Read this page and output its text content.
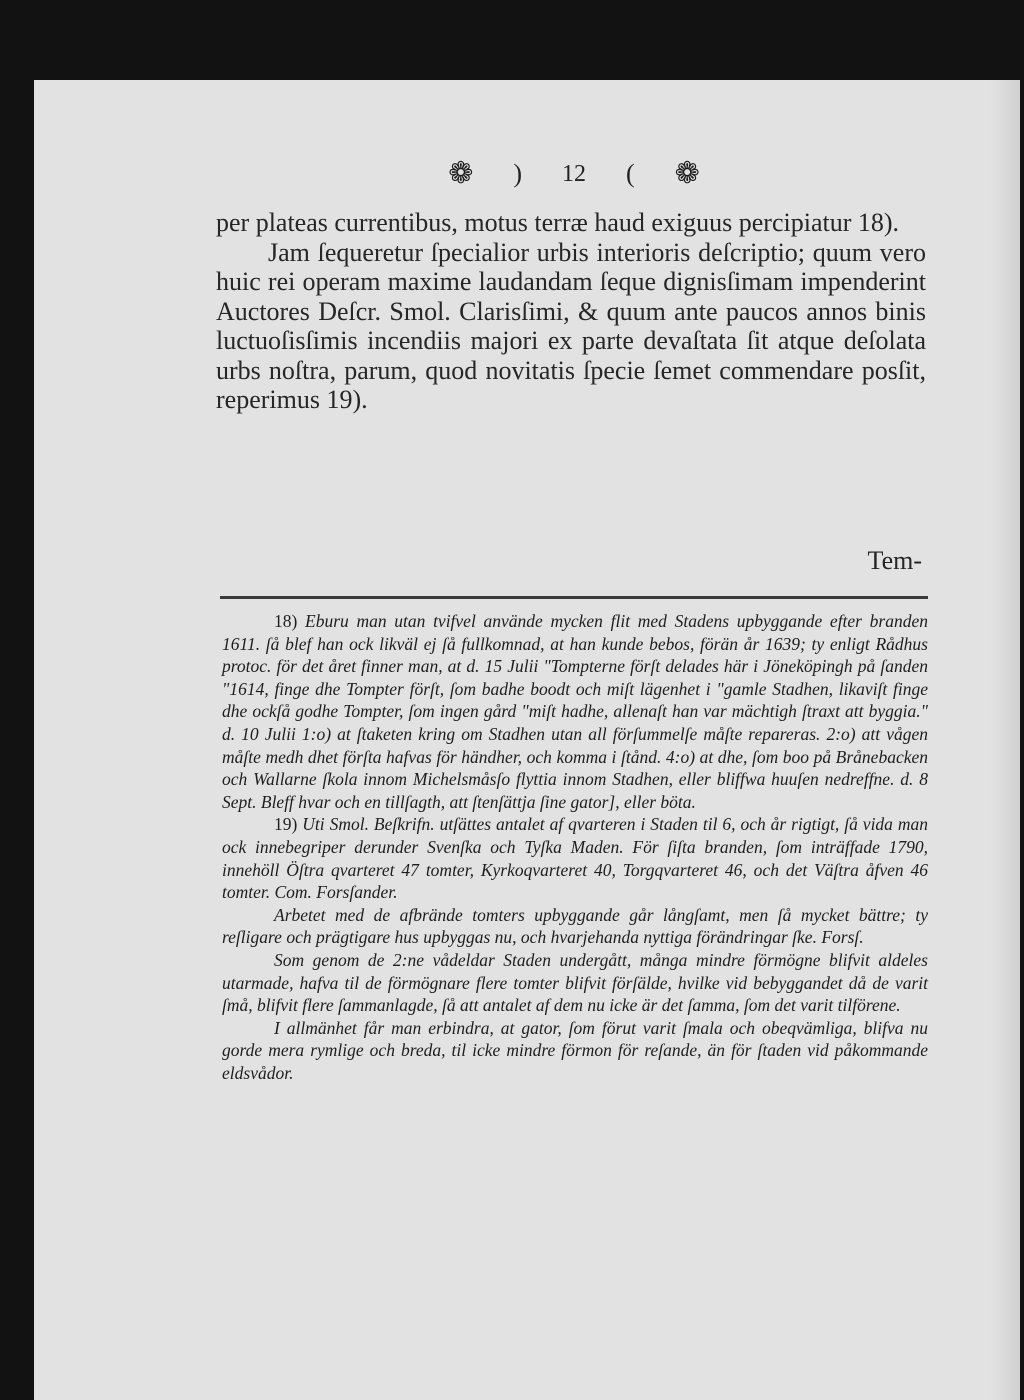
❁ ) 12 ( ❁

per plateas currentibus, motus terræ haud exiguus percipiatur 18).

Jam ſequeretur ſpecialior urbis interioris deſcriptio; quum vero huic rei operam maxime laudandam ſeque dignisſimam impenderint Auctores Deſcr. Smol. Clarisſimi, & quum ante paucos annos binis luctuoſisſimis incendiis majori ex parte devaſtata ſit atque deſolata urbs noſtra, parum, quod novitatis ſpecie ſemet commendare posſit, reperimus 19).

Tem-

18) Eburu man utan tvifvel använde mycken flit med Stadens upbyggande efter branden 1611. ſå blef han ock likväl ej ſå fullkomnad, at han kunde bebos, förän år 1639; ty enligt Rådhus protoc. för det året finner man, at d. 15 Julii "Tompterne förſt delades här i Jöneköpingh på ſanden "1614, finge dhe Tompter förſt, ſom badhe boodt och miſt lägenhet i "gamle Stadhen, likaviſt finge dhe ockſå godhe Tompter, ſom ingen gård "miſt hadhe, allenaſt han var mächtigh ſtraxt att byggia." d. 10 Julii 1:o) at ſtaketen kring om Stadhen utan all förſummelſe måſte repareras. 2:o) att vågen måſte medh dhet förſta hafvas för händher, och komma i ſtånd. 4:o) at dhe, ſom boo på Brånebacken och Wallarne ſkola innom Michelsmåsſo flyttia innom Stadhen, eller bliffwa huuſen nedreffne. d. 8 Sept. Bleff hvar och en tillſagth, att ſtenſättja ſine gator], eller böta.

19) Uti Smol. Beſkrifn. utſättes antalet af qvarteren i Staden til 6, och år rigtigt, ſå vida man ock innebegriper derunder Svenſka och Tyſka Maden. För ſiſta branden, ſom inträffade 1790, innehöll Öſtra qvarteret 47 tomter, Kyrkoqvarteret 40, Torgqvarteret 46, och det Väſtra åfven 46 tomter. Com. Forsſander.

Arbetet med de afbrände tomters upbyggande går långſamt, men ſå mycket bättre; ty reſligare och prägtigare hus upbyggas nu, och hvarjehanda nyttiga förändringar ſke. Forsſ.

Som genom de 2:ne vådeldar Staden undergått, många mindre förmögne blifvit aldeles utarmade, hafva til de förmögnare flere tomter blifvit förſälde, hvilke vid bebyggandet då de varit ſmå, blifvit flere ſammanlagde, ſå att antalet af dem nu icke är det ſamma, ſom det varit tilförene.

I allmänhet får man erbindra, at gator, ſom förut varit ſmala och obeqvämliga, blifva nu gorde mera rymlige och breda, til icke mindre förmon för reſande, än för ſtaden vid påkommande eldsvådor.
